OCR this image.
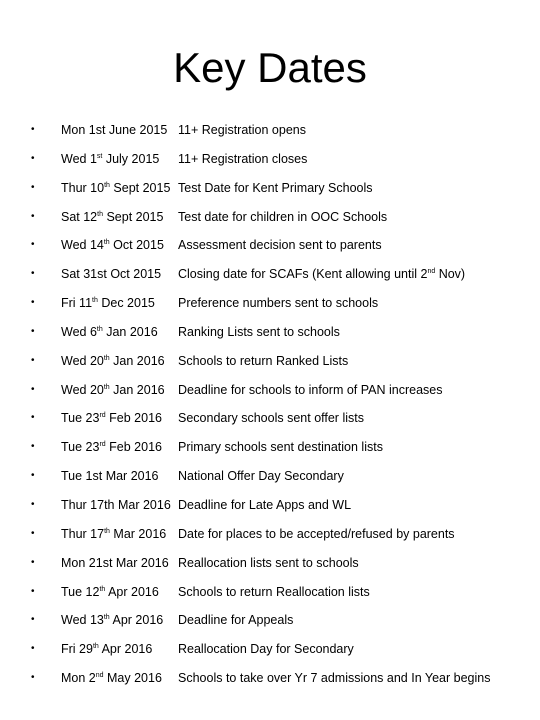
Key Dates
• Mon 1st June 2015 11+ Registration opens
• Wed 1st July 2015 11+ Registration closes
• Thur 10th Sept 2015 Test Date for Kent Primary Schools
• Sat 12th Sept 2015 Test date for children in OOC Schools
• Wed 14th Oct 2015 Assessment decision sent to parents
• Sat 31st Oct 2015 Closing date for SCAFs (Kent allowing until 2nd Nov)
• Fri 11th Dec 2015 Preference numbers sent to schools
• Wed 6th Jan 2016 Ranking Lists sent to schools
• Wed 20th Jan 2016 Schools to return Ranked Lists
• Wed 20th Jan 2016 Deadline for schools to inform of PAN increases
• Tue 23rd Feb 2016 Secondary schools sent offer lists
• Tue 23rd Feb 2016 Primary schools sent destination lists
• Tue 1st Mar 2016 National Offer Day Secondary
• Thur 17th Mar 2016 Deadline for Late Apps and WL
• Thur 17th Mar 2016 Date for places to be accepted/refused by parents
• Mon 21st Mar 2016 Reallocation lists sent to schools
• Tue 12th Apr 2016 Schools to return Reallocation lists
• Wed 13th Apr 2016 Deadline for Appeals
• Fri 29th Apr 2016 Reallocation Day for Secondary
• Mon 2nd May 2016 Schools to take over Yr 7 admissions and In Year begins
